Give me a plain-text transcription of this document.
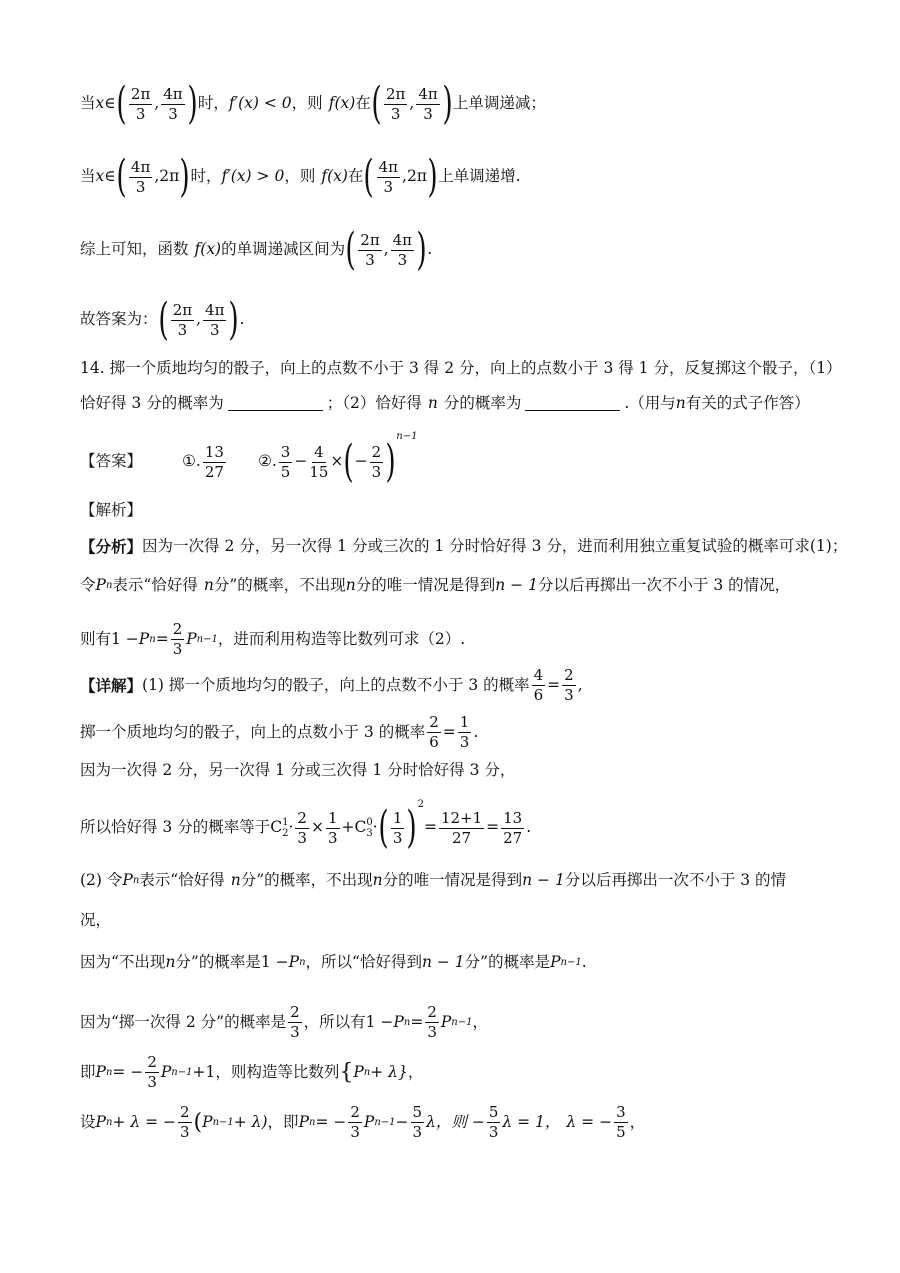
当 x ∈ ( 2π
3
,
4π
3 ) 时， f′ (x) < 0 ，则 f (x) 在 ( 2π
3
,
4π
3 ) 上单调递减；
当 x ∈ ( 4π
3
,2π ) 时， f′ (x) > 0 ，则 f (x) 在 ( 4π
3
,2π ) 上单调递增.
综上可知，函数 f (x) 的单调递减区间为 ( 2π
3
,
4π
3 ) .
故答案为： ( 2π
3
,
4π
3 ) .
14. 掷一个质地均匀的骰子，向上的点数不小于 3 得 2 分，向上的点数小于 3 得 1 分，反复掷这个骰子，（1）
恰好得 3 分的概率为	；（2）恰好得 n 分的概率为	.（用与 n 有关的式子作答）
【答案】	①.
13
27
②.
3
5
− $\frac{4}{15}$ × ( − $\frac{2}{3} )^{n-1}$
【解析】
【分析】 因为一次得 2 分，另一次得 1 分或三次的 1 分时恰好得 3 分，进而利用独立重复试验的概率可求(1)；
令 P n 表示“恰好得 n 分”的概率，不出现 n 分的唯一情况是得到 n − 1 分以后再掷出一次不小于 3 的情况，
则有 1 − P $n = \frac{2}{3}$ P n−1 ，进而利用构造等比数列可求（2）.
【详解】 (1) 掷一个质地均匀的骰子，向上的点数不小于 3 的概率 $\frac{4}{6} = \frac{2}{3}$ ,
掷一个质地均匀的骰子，向上的点数小于 3 的概率 $\frac{2}{6} = \frac{1}{3}$ .
因为一次得 2 分，另一次得 1 分或三次得 1 分时恰好得 3 分，
所以恰好得 3 分的概率等于 C 1
$2 \cdot \frac{2}{3} \times \frac{1}{3} +C$ 0
3 · ( 1
3 )$^2$
= $\frac{12+1}{27} = \frac{13}{27}$ .
(2) 令 P n 表示“恰好得 n 分”的概率，不出现 n 分的唯一情况是得到 n − 1 分以后再掷出一次不小于 3 的情
况，
因为“不出现 n 分”的概率是 1 − P n ，所以“恰好得到 n − 1 分”的概率是 P n−1 .
因为“掷一次得 2 分”的概率是
2
3
，所以有 1 − P $n = \frac{2}{3}$ P n−1 ，
即 P n = − $\frac{2}{3}$ P n−1 +1，则构造等比数列 { P n + λ} ，
设 P n + λ = − $\frac{2}{3}$ ( P n−1 + λ) ，即 P n = − $\frac{2}{3}$ P $n-1 - \frac{5}{3}$ λ，则 − $\frac{5}{3}$ λ = 1， λ = − $\frac{3}{5}$ ，
